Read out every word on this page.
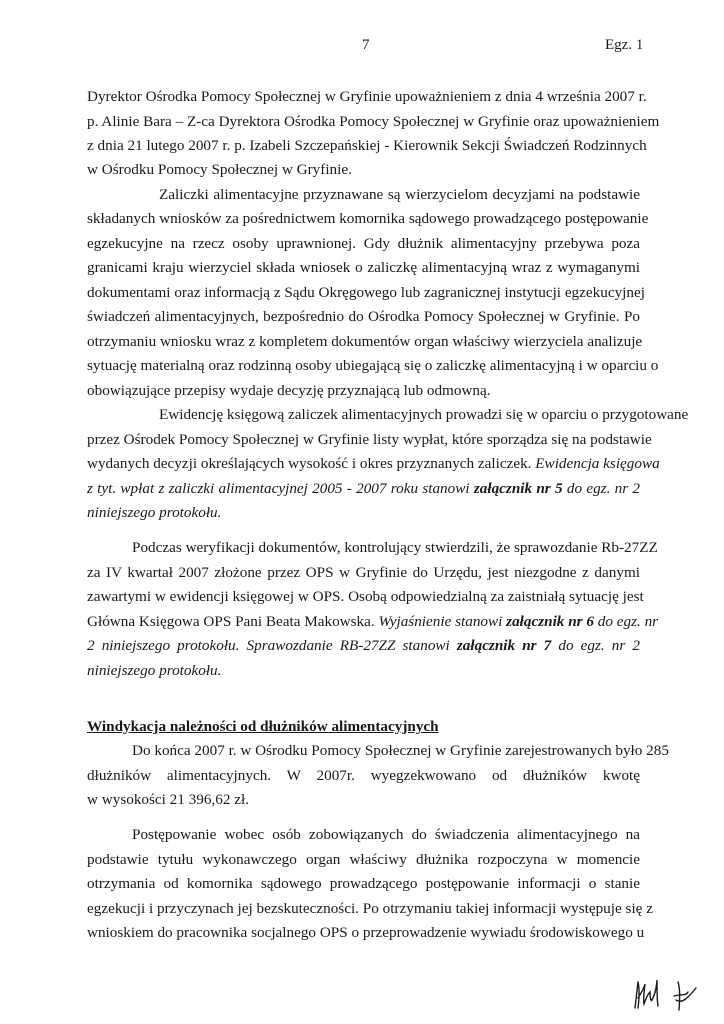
7	Egz. 1
Dyrektor Ośrodka Pomocy Społecznej w Gryfinie upoważnieniem z dnia 4 września 2007 r.
p. Alinie Bara – Z-ca Dyrektora Ośrodka Pomocy Społecznej w Gryfinie oraz upoważnieniem
z dnia 21 lutego 2007 r. p. Izabeli Szczepańskiej - Kierownik Sekcji Świadczeń Rodzinnych
w Ośrodku Pomocy Społecznej w Gryfinie.
Zaliczki alimentacyjne przyznawane są wierzycielom decyzjami na podstawie
składanych wniosków za pośrednictwem komornika sądowego prowadzącego postępowanie
egzekucyjne na rzecz osoby uprawnionej. Gdy dłużnik alimentacyjny przebywa poza
granicami kraju wierzyciel składa wniosek o zaliczkę alimentacyjną wraz z wymaganymi
dokumentami oraz informacją z Sądu Okręgowego lub zagranicznej instytucji egzekucyjnej
świadczeń alimentacyjnych, bezpośrednio do Ośrodka Pomocy Społecznej w Gryfinie. Po
otrzymaniu wniosku wraz z kompletem dokumentów organ właściwy wierzyciela analizuje
sytuację materialną oraz rodzinną osoby ubiegającą się o zaliczkę alimentacyjną i w oparciu o
obowiązujące przepisy wydaje decyzję przyznającą lub odmowną.
Ewidencję księgową zaliczek alimentacyjnych prowadzi się w oparciu o przygotowane
przez Ośrodek Pomocy Społecznej w Gryfinie listy wypłat, które sporządza się na podstawie
wydanych decyzji określających wysokość i okres przyznanych zaliczek. Ewidencja księgowa
z tyt. wpłat z zaliczki alimentacyjnej 2005 - 2007 roku stanowi załącznik nr 5 do egz. nr 2
niniejszego protokołu.
Podczas weryfikacji dokumentów, kontrolujący stwierdzili, że sprawozdanie Rb-27ZZ
za IV kwartał 2007 złożone przez OPS w Gryfinie do Urzędu, jest niezgodne z danymi
zawartymi w ewidencji księgowej w OPS. Osobą odpowiedzialną za zaistniałą sytuację jest
Główna Księgowa OPS Pani Beata Makowska. Wyjaśnienie stanowi załącznik nr 6 do egz. nr
2 niniejszego protokołu. Sprawozdanie RB-27ZZ stanowi załącznik nr 7 do egz. nr 2
niniejszego protokołu.
Windykacja należności od dłużników alimentacyjnych
Do końca 2007 r. w Ośrodku Pomocy Społecznej w Gryfinie zarejestrowanych było 285
dłużników alimentacyjnych. W 2007r. wyegzekwowano od dłużników kwotę
w wysokości 21 396,62 zł.
Postępowanie wobec osób zobowiązanych do świadczenia alimentacyjnego na
podstawie tytułu wykonawczego organ właściwy dłużnika rozpoczyna w momencie
otrzymania od komornika sądowego prowadzącego postępowanie informacji o stanie
egzekucji i przyczynach jej bezskuteczności. Po otrzymaniu takiej informacji występuje się z
wnioskiem do pracownika socjalnego OPS o przeprowadzenie wywiadu środowiskowego u
